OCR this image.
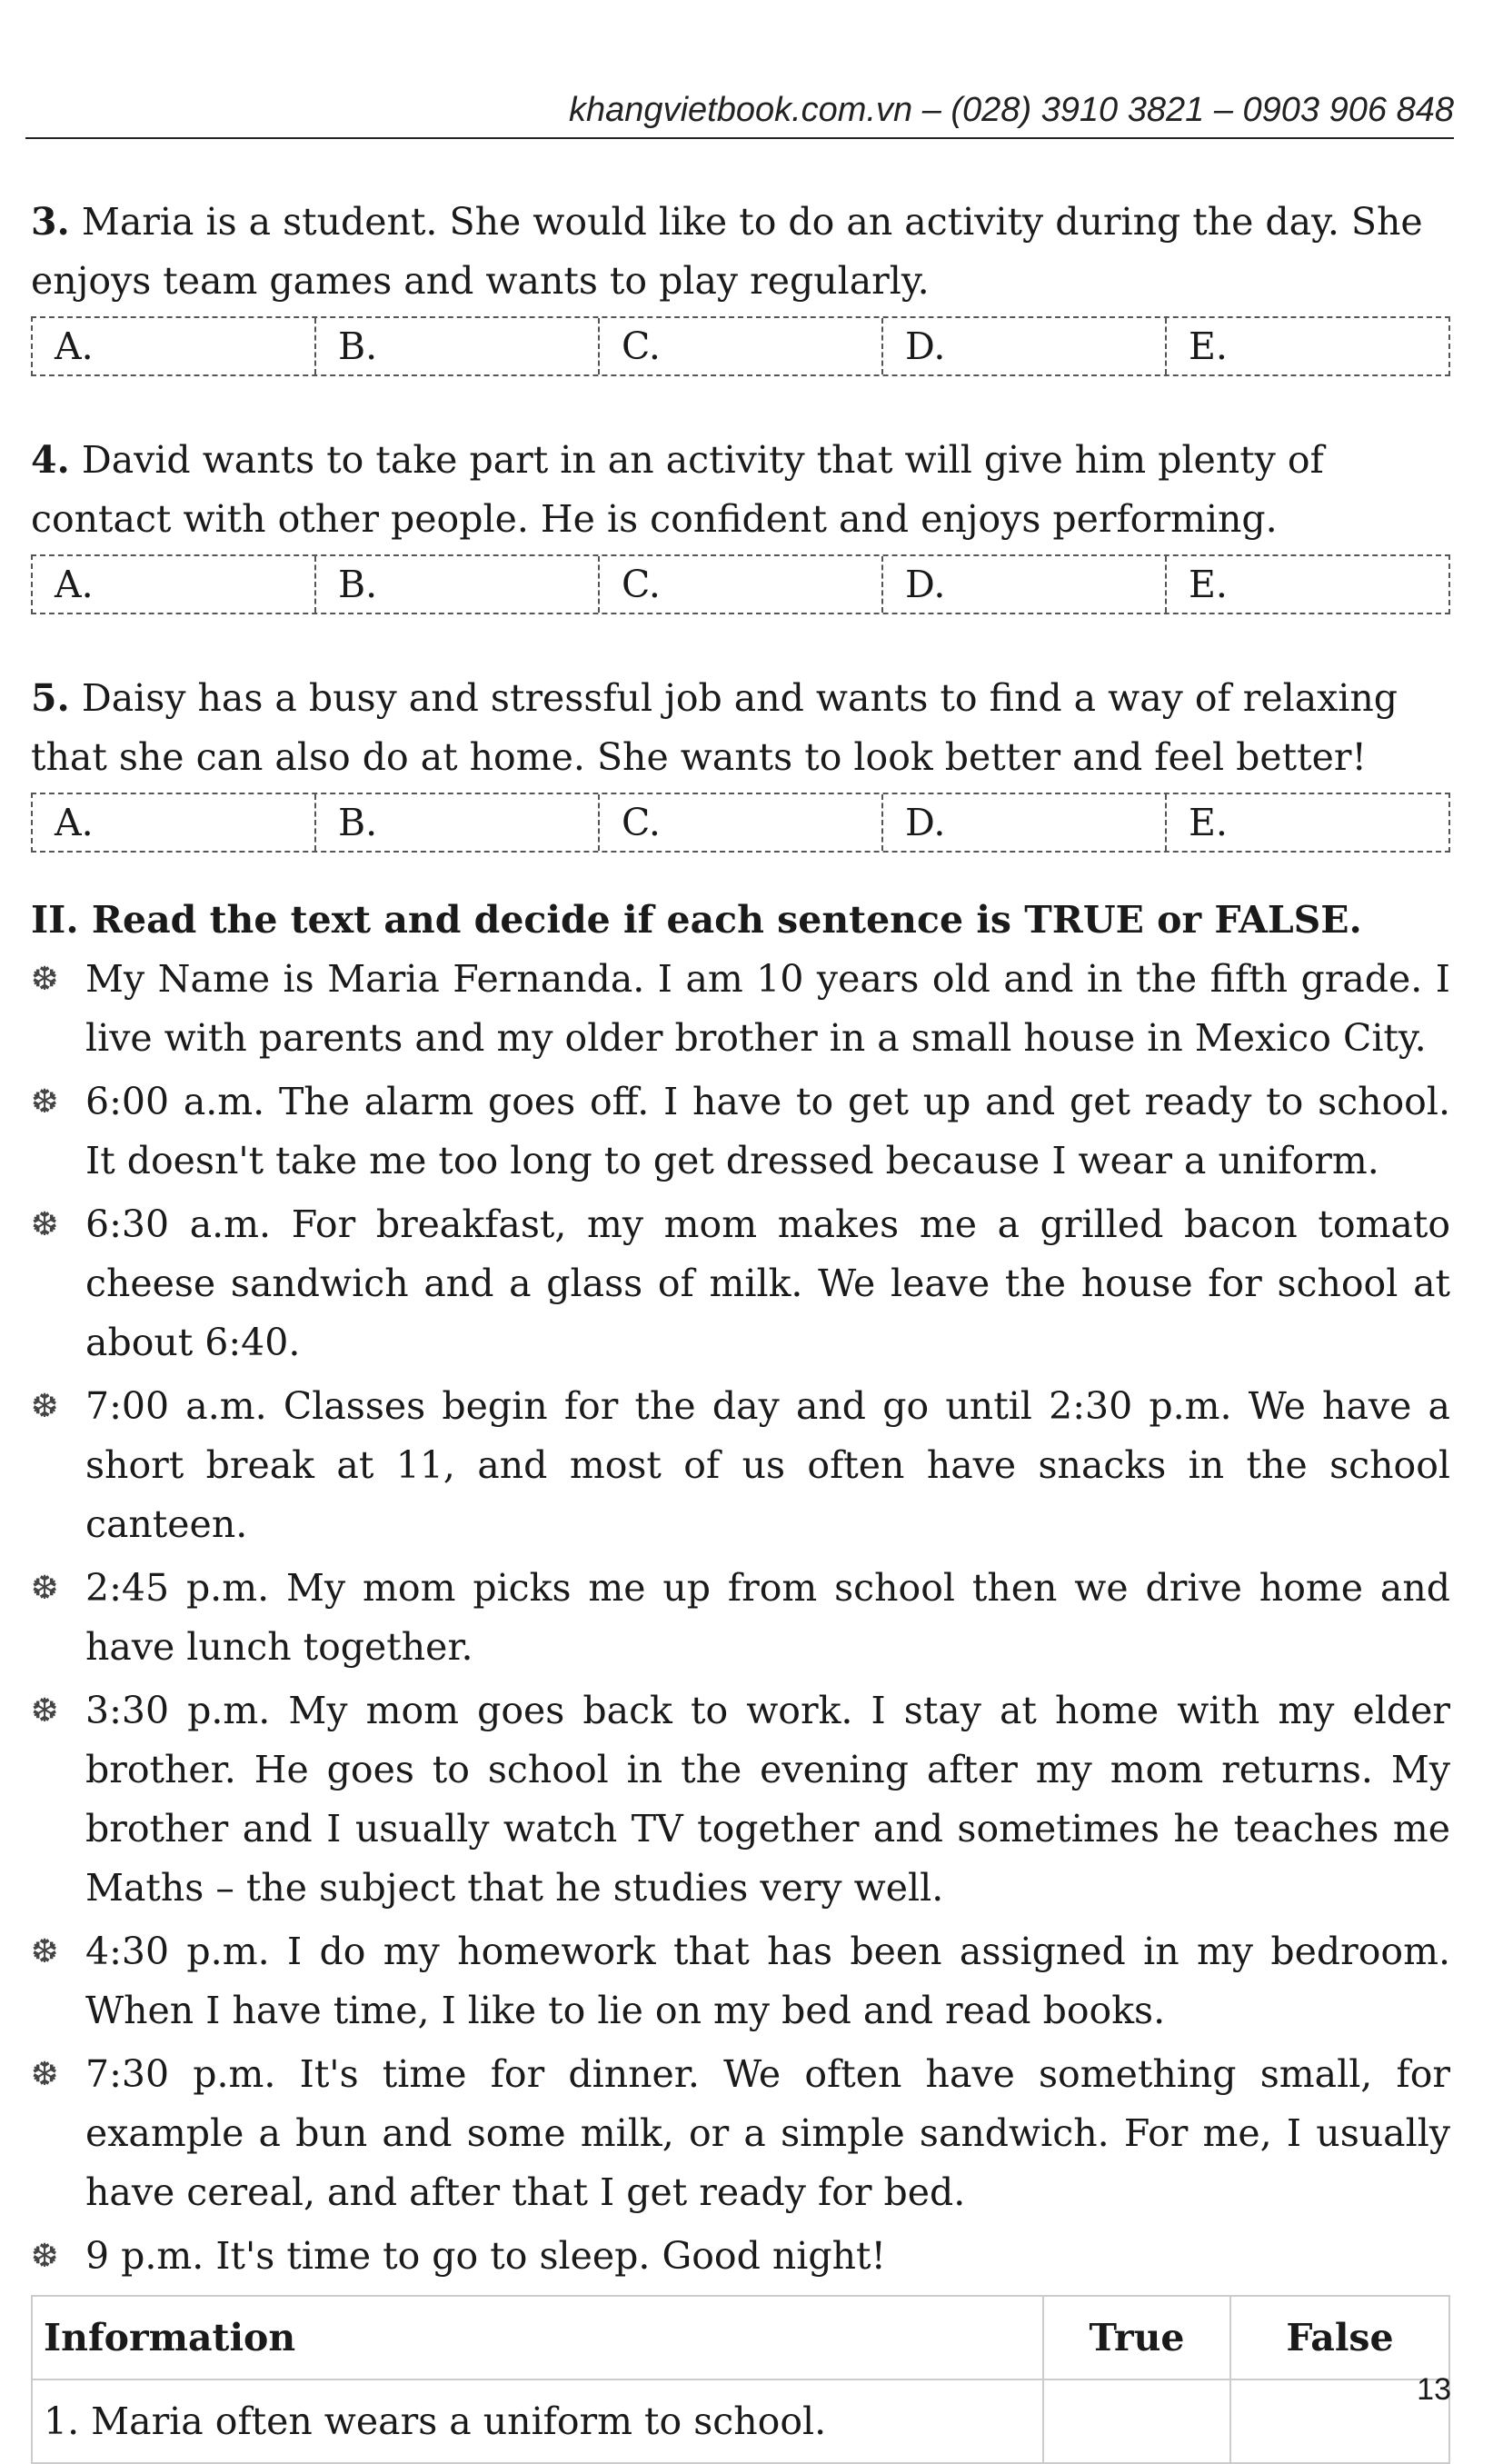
khangvietbook.com.vn – (028) 3910 3821 – 0903 906 848

3. Maria is a student. She would like to do an activity during the day. She enjoys team games and wants to play regularly.

A.	B.	C.	D.	E.

4. David wants to take part in an activity that will give him plenty of contact with other people. He is confident and enjoys performing.

A.	B.	C.	D.	E.

5. Daisy has a busy and stressful job and wants to find a way of relaxing that she can also do at home. She wants to look better and feel better!

A.	B.	C.	D.	E.

II. Read the text and decide if each sentence is TRUE or FALSE.

❆ My Name is Maria Fernanda. I am 10 years old and in the fifth grade. I live with parents and my older brother in a small house in Mexico City.
❆ 6:00 a.m. The alarm goes off. I have to get up and get ready to school. It doesn't take me too long to get dressed because I wear a uniform.
❆ 6:30 a.m. For breakfast, my mom makes me a grilled bacon tomato cheese sandwich and a glass of milk. We leave the house for school at about 6:40.
❆ 7:00 a.m. Classes begin for the day and go until 2:30 p.m. We have a short break at 11, and most of us often have snacks in the school canteen.
❆ 2:45 p.m. My mom picks me up from school then we drive home and have lunch together.
❆ 3:30 p.m. My mom goes back to work. I stay at home with my elder brother. He goes to school in the evening after my mom returns. My brother and I usually watch TV together and sometimes he teaches me Maths – the subject that he studies very well.
❆ 4:30 p.m. I do my homework that has been assigned in my bedroom. When I have time, I like to lie on my bed and read books.
❆ 7:30 p.m. It's time for dinner. We often have something small, for example a bun and some milk, or a simple sandwich. For me, I usually have cereal, and after that I get ready for bed.
❆ 9 p.m. It's time to go to sleep. Good night!
Information	True	False
1. Maria often wears a uniform to school.		
13
